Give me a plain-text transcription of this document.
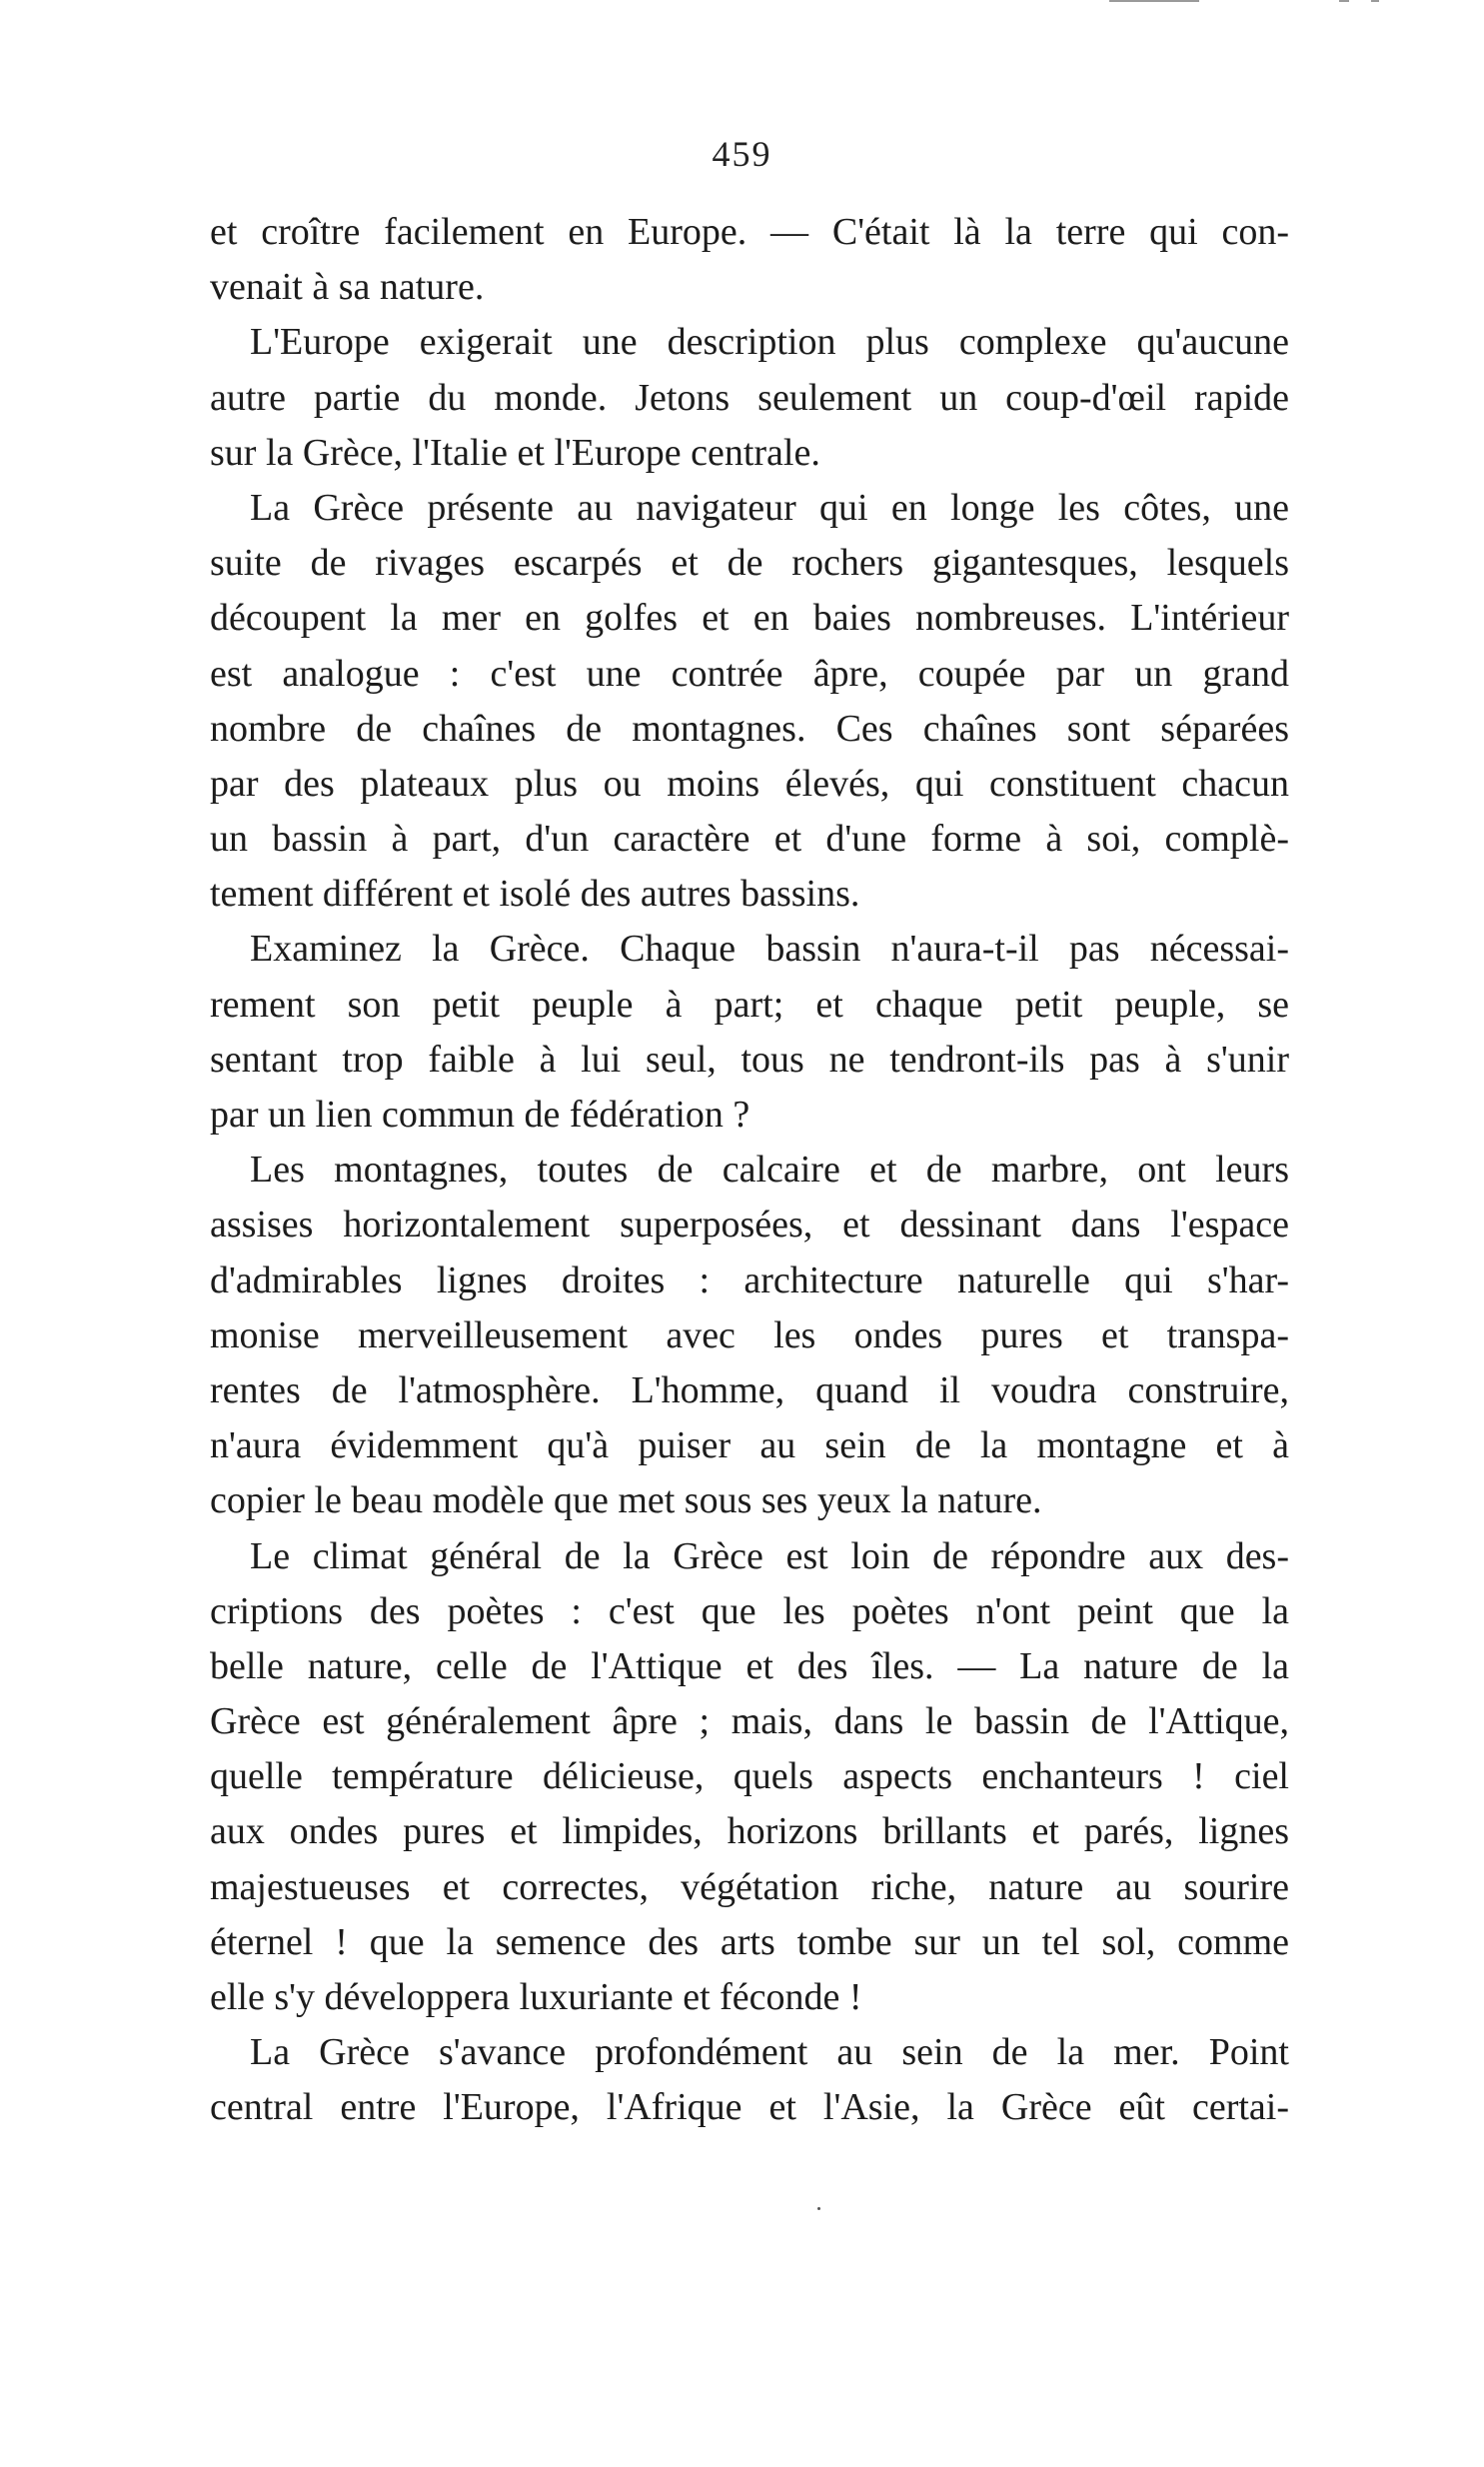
459
et croître facilement en Europe. — C'était là la terre qui con-
venait à sa nature.
L'Europe exigerait une description plus complexe qu'aucune
autre partie du monde. Jetons seulement un coup-d'œil rapide
sur la Grèce, l'Italie et l'Europe centrale.
La Grèce présente au navigateur qui en longe les côtes, une
suite de rivages escarpés et de rochers gigantesques, lesquels
découpent la mer en golfes et en baies nombreuses. L'intérieur
est analogue : c'est une contrée âpre, coupée par un grand
nombre de chaînes de montagnes. Ces chaînes sont séparées
par des plateaux plus ou moins élevés, qui constituent chacun
un bassin à part, d'un caractère et d'une forme à soi, complè-
tement différent et isolé des autres bassins.
Examinez la Grèce. Chaque bassin n'aura-t-il pas nécessai-
rement son petit peuple à part; et chaque petit peuple, se
sentant trop faible à lui seul, tous ne tendront-ils pas à s'unir
par un lien commun de fédération ?
Les montagnes, toutes de calcaire et de marbre, ont leurs
assises horizontalement superposées, et dessinant dans l'espace
d'admirables lignes droites : architecture naturelle qui s'har-
monise merveilleusement avec les ondes pures et transpa-
rentes de l'atmosphère. L'homme, quand il voudra construire,
n'aura évidemment qu'à puiser au sein de la montagne et à
copier le beau modèle que met sous ses yeux la nature.
Le climat général de la Grèce est loin de répondre aux des-
criptions des poètes : c'est que les poètes n'ont peint que la
belle nature, celle de l'Attique et des îles. — La nature de la
Grèce est généralement âpre ; mais, dans le bassin de l'Attique,
quelle température délicieuse, quels aspects enchanteurs ! ciel
aux ondes pures et limpides, horizons brillants et parés, lignes
majestueuses et correctes, végétation riche, nature au sourire
éternel ! que la semence des arts tombe sur un tel sol, comme
elle s'y développera luxuriante et féconde !
La Grèce s'avance profondément au sein de la mer. Point
central entre l'Europe, l'Afrique et l'Asie, la Grèce eût certai-
